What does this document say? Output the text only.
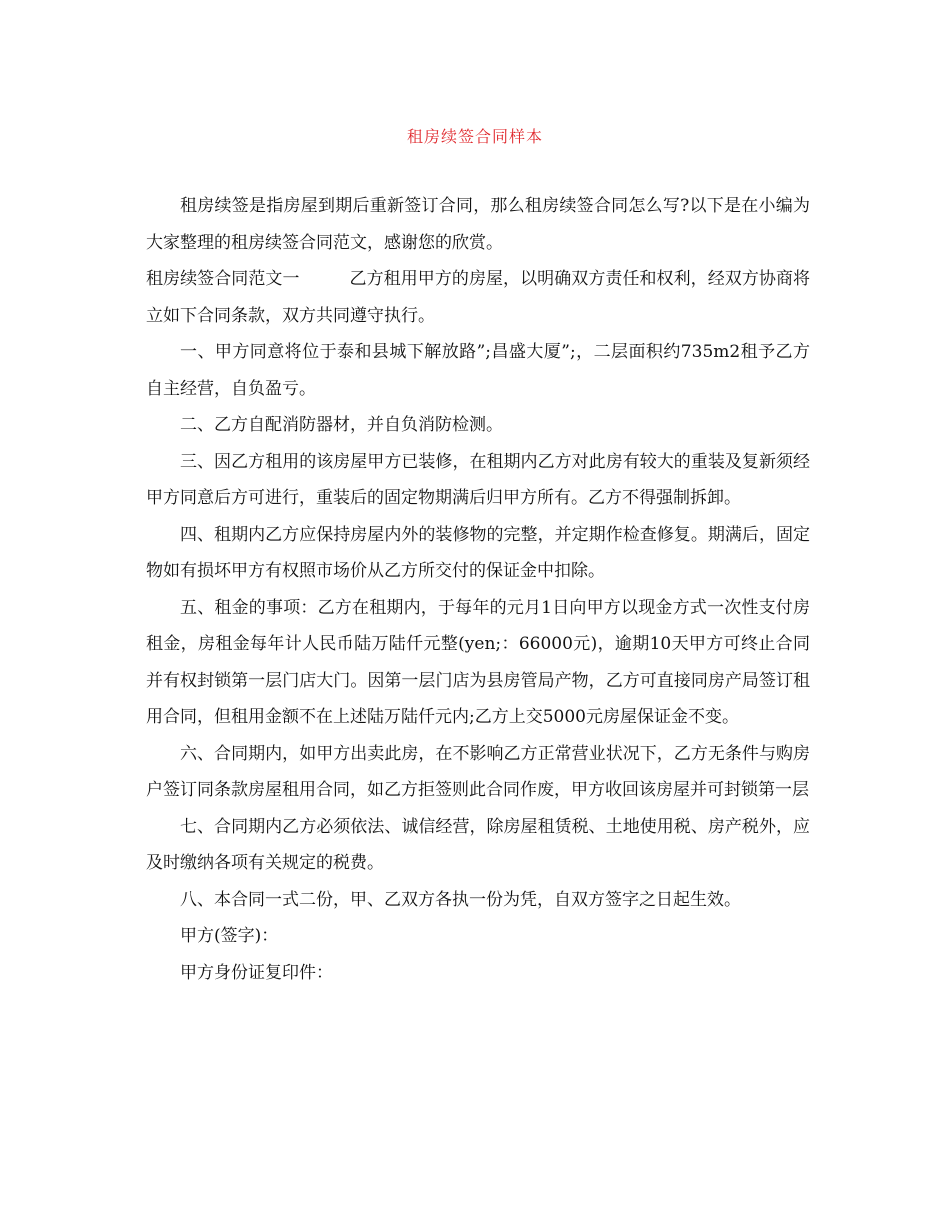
租房续签合同样本

租房续签是指房屋到期后重新签订合同，那么租房续签合同怎么写?以下是在小编为大家整理的租房续签合同范文，感谢您的欣赏。

租房续签合同范文一	乙方租用甲方的房屋，以明确双方责任和权利，经双方协商将立如下合同条款，双方共同遵守执行。

一、甲方同意将位于泰和县城下解放路”;昌盛大厦”;，二层面积约735m2租予乙方自主经营，自负盈亏。

二、乙方自配消防器材，并自负消防检测。

三、因乙方租用的该房屋甲方已装修，在租期内乙方对此房有较大的重装及复新须经甲方同意后方可进行，重装后的固定物期满后归甲方所有。乙方不得强制拆卸。

四、租期内乙方应保持房屋内外的装修物的完整，并定期作检查修复。期满后，固定物如有损坏甲方有权照市场价从乙方所交付的保证金中扣除。

五、租金的事项：乙方在租期内，于每年的元月1日向甲方以现金方式一次性支付房租金，房租金每年计人民币陆万陆仟元整(yen;：66000元)，逾期10天甲方可终止合同并有权封锁第一层门店大门。因第一层门店为县房管局产物，乙方可直接同房产局签订租用合同，但租用金额不在上述陆万陆仟元内;乙方上交5000元房屋保证金不变。

六、合同期内，如甲方出卖此房，在不影响乙方正常营业状况下，乙方无条件与购房户签订同条款房屋租用合同，如乙方拒签则此合同作废，甲方收回该房屋并可封锁第一层

七、合同期内乙方必须依法、诚信经营，除房屋租赁税、土地使用税、房产税外，应及时缴纳各项有关规定的税费。

八、本合同一式二份，甲、乙双方各执一份为凭，自双方签字之日起生效。

甲方(签字)：

甲方身份证复印件：
